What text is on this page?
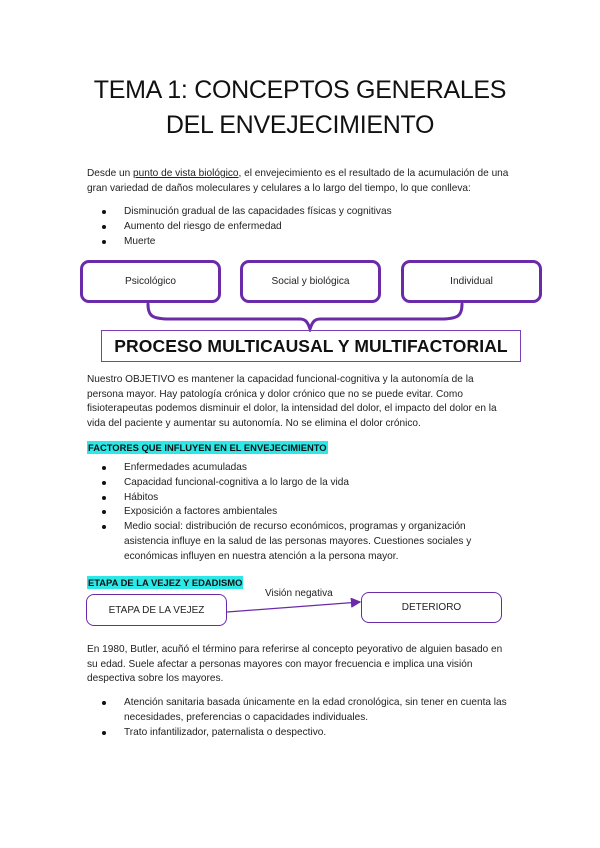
TEMA 1: CONCEPTOS GENERALES
DEL ENVEJECIMIENTO
Desde un punto de vista biológico, el envejecimiento es el resultado de la acumulación de una gran variedad de daños moleculares y celulares a lo largo del tiempo, lo que conlleva:
Disminución gradual de las capacidades físicas y cognitivas
Aumento del riesgo de enfermedad
Muerte
Psicológico	Social y biológica	Individual
PROCESO MULTICAUSAL Y MULTIFACTORIAL
Nuestro OBJETIVO es mantener la capacidad funcional-cognitiva y la autonomía de la persona mayor. Hay patología crónica y dolor crónico que no se puede evitar. Como fisioterapeutas podemos disminuir el dolor, la intensidad del dolor, el impacto del dolor en la vida del paciente y aumentar su autonomía. No se elimina el dolor crónico.
FACTORES QUE INFLUYEN EN EL ENVEJECIMIENTO
Enfermedades acumuladas
Capacidad funcional-cognitiva a lo largo de la vida
Hábitos
Exposición a factores ambientales
Medio social: distribución de recurso económicos, programas y organización asistencia influye en la salud de las personas mayores. Cuestiones sociales y económicas influyen en nuestra atención a la persona mayor.
ETAPA DE LA VEJEZ Y EDADISMO
ETAPA DE LA VEJEZ
Visión negativa
DETERIORO
En 1980, Butler, acuñó el término para referirse al concepto peyorativo de alguien basado en su edad. Suele afectar a personas mayores con mayor frecuencia e implica una visión despectiva sobre los mayores.
Atención sanitaria basada únicamente en la edad cronológica, sin tener en cuenta las necesidades, preferencias o capacidades individuales.
Trato infantilizador, paternalista o despectivo.
